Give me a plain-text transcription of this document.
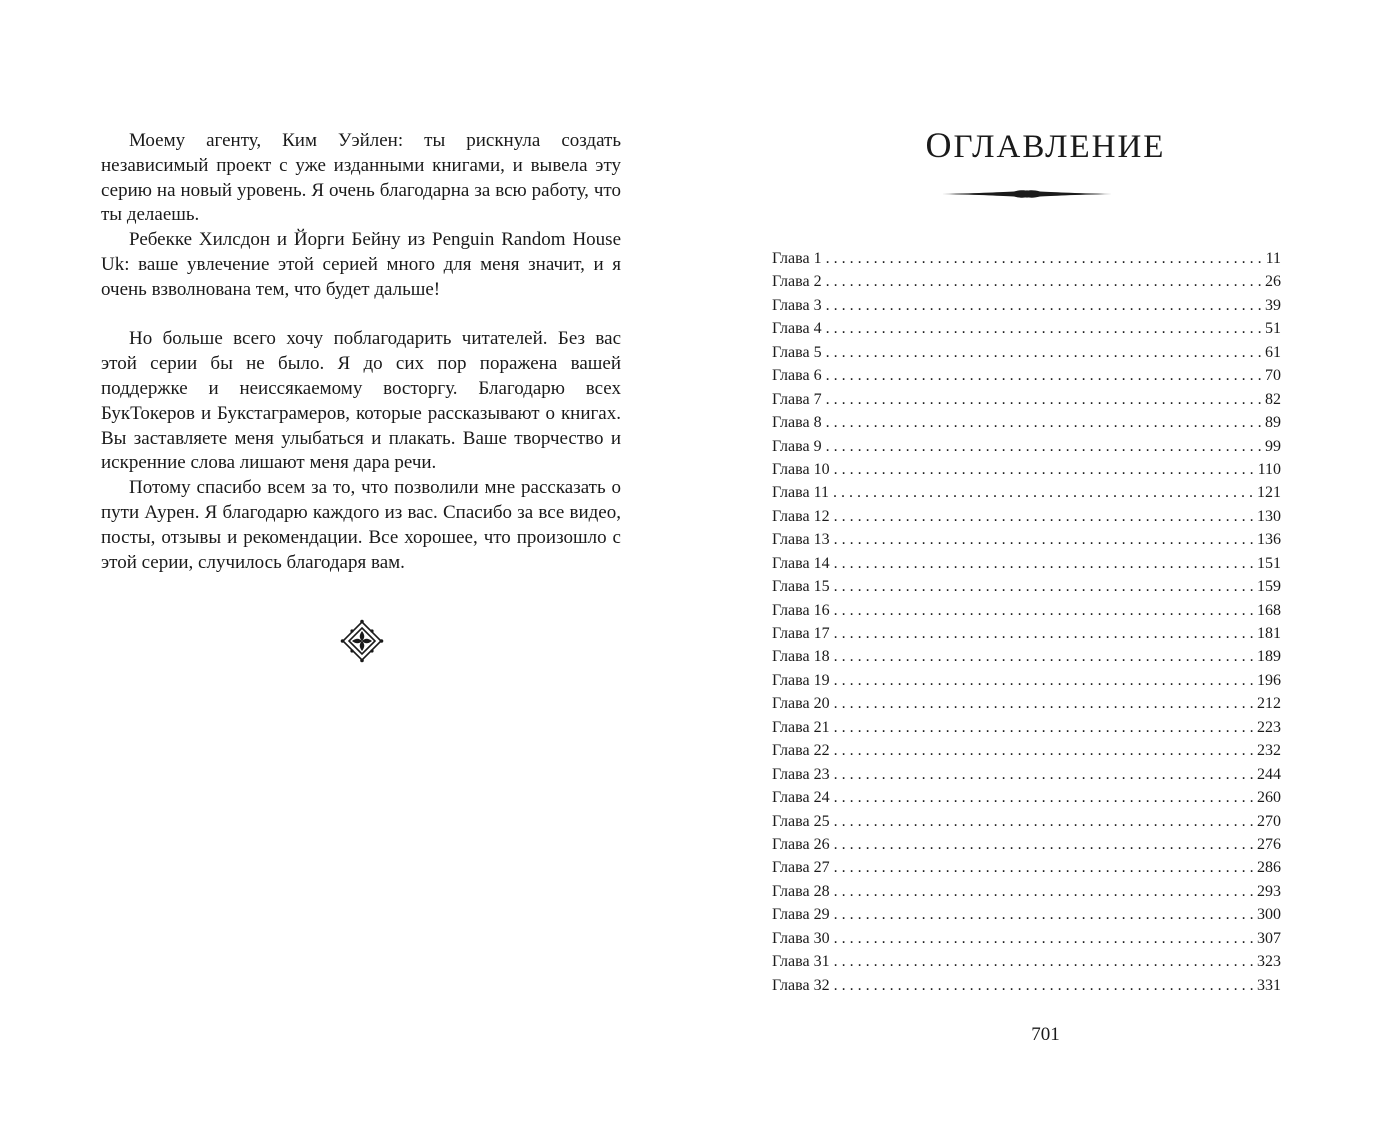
Моему агенту, Ким Уэйлен: ты рискнула создать независимый проект с уже изданными книгами, и вывела эту серию на новый уровень. Я очень благодарна за всю работу, что ты делаешь.

Ребекке Хилсдон и Йорги Бейну из Penguin Random House Uk: ваше увлечение этой серией много для меня значит, и я очень взволнована тем, что будет дальше!

Но больше всего хочу поблагодарить читателей. Без вас этой серии бы не было. Я до сих пор поражена вашей поддержке и неиссякаемому восторгу. Благодарю всех БукТокеров и Букстаграмеров, которые рассказывают о книгах. Вы заставляете меня улыбаться и плакать. Ваше творчество и искренние слова лишают меня дара речи.

Потому спасибо всем за то, что позволили мне рассказать о пути Аурен. Я благодарю каждого из вас. Спасибо за все видео, посты, отзывы и рекомендации. Все хорошее, что произошло с этой серии, случилось благодаря вам.

ОГЛАВЛЕНИЕ
Глава 1 . . .	11
Глава 2 . . .	26
Глава 3 . . .	39
Глава 4 . . .	51
Глава 5 . . .	61
Глава 6 . . .	70
Глава 7 . . .	82
Глава 8 . . .	89
Глава 9 . . .	99
Глава 10 . . .	110
Глава 11 . . .	121
Глава 12 . . .	130
Глава 13 . . .	136
Глава 14 . . .	151
Глава 15 . . .	159
Глава 16 . . .	168
Глава 17 . . .	181
Глава 18 . . .	189
Глава 19 . . .	196
Глава 20 . . .	212
Глава 21 . . .	223
Глава 22 . . .	232
Глава 23 . . .	244
Глава 24 . . .	260
Глава 25 . . .	270
Глава 26 . . .	276
Глава 27 . . .	286
Глава 28 . . .	293
Глава 29 . . .	300
Глава 30 . . .	307
Глава 31 . . .	323
Глава 32 . . .	331
701
